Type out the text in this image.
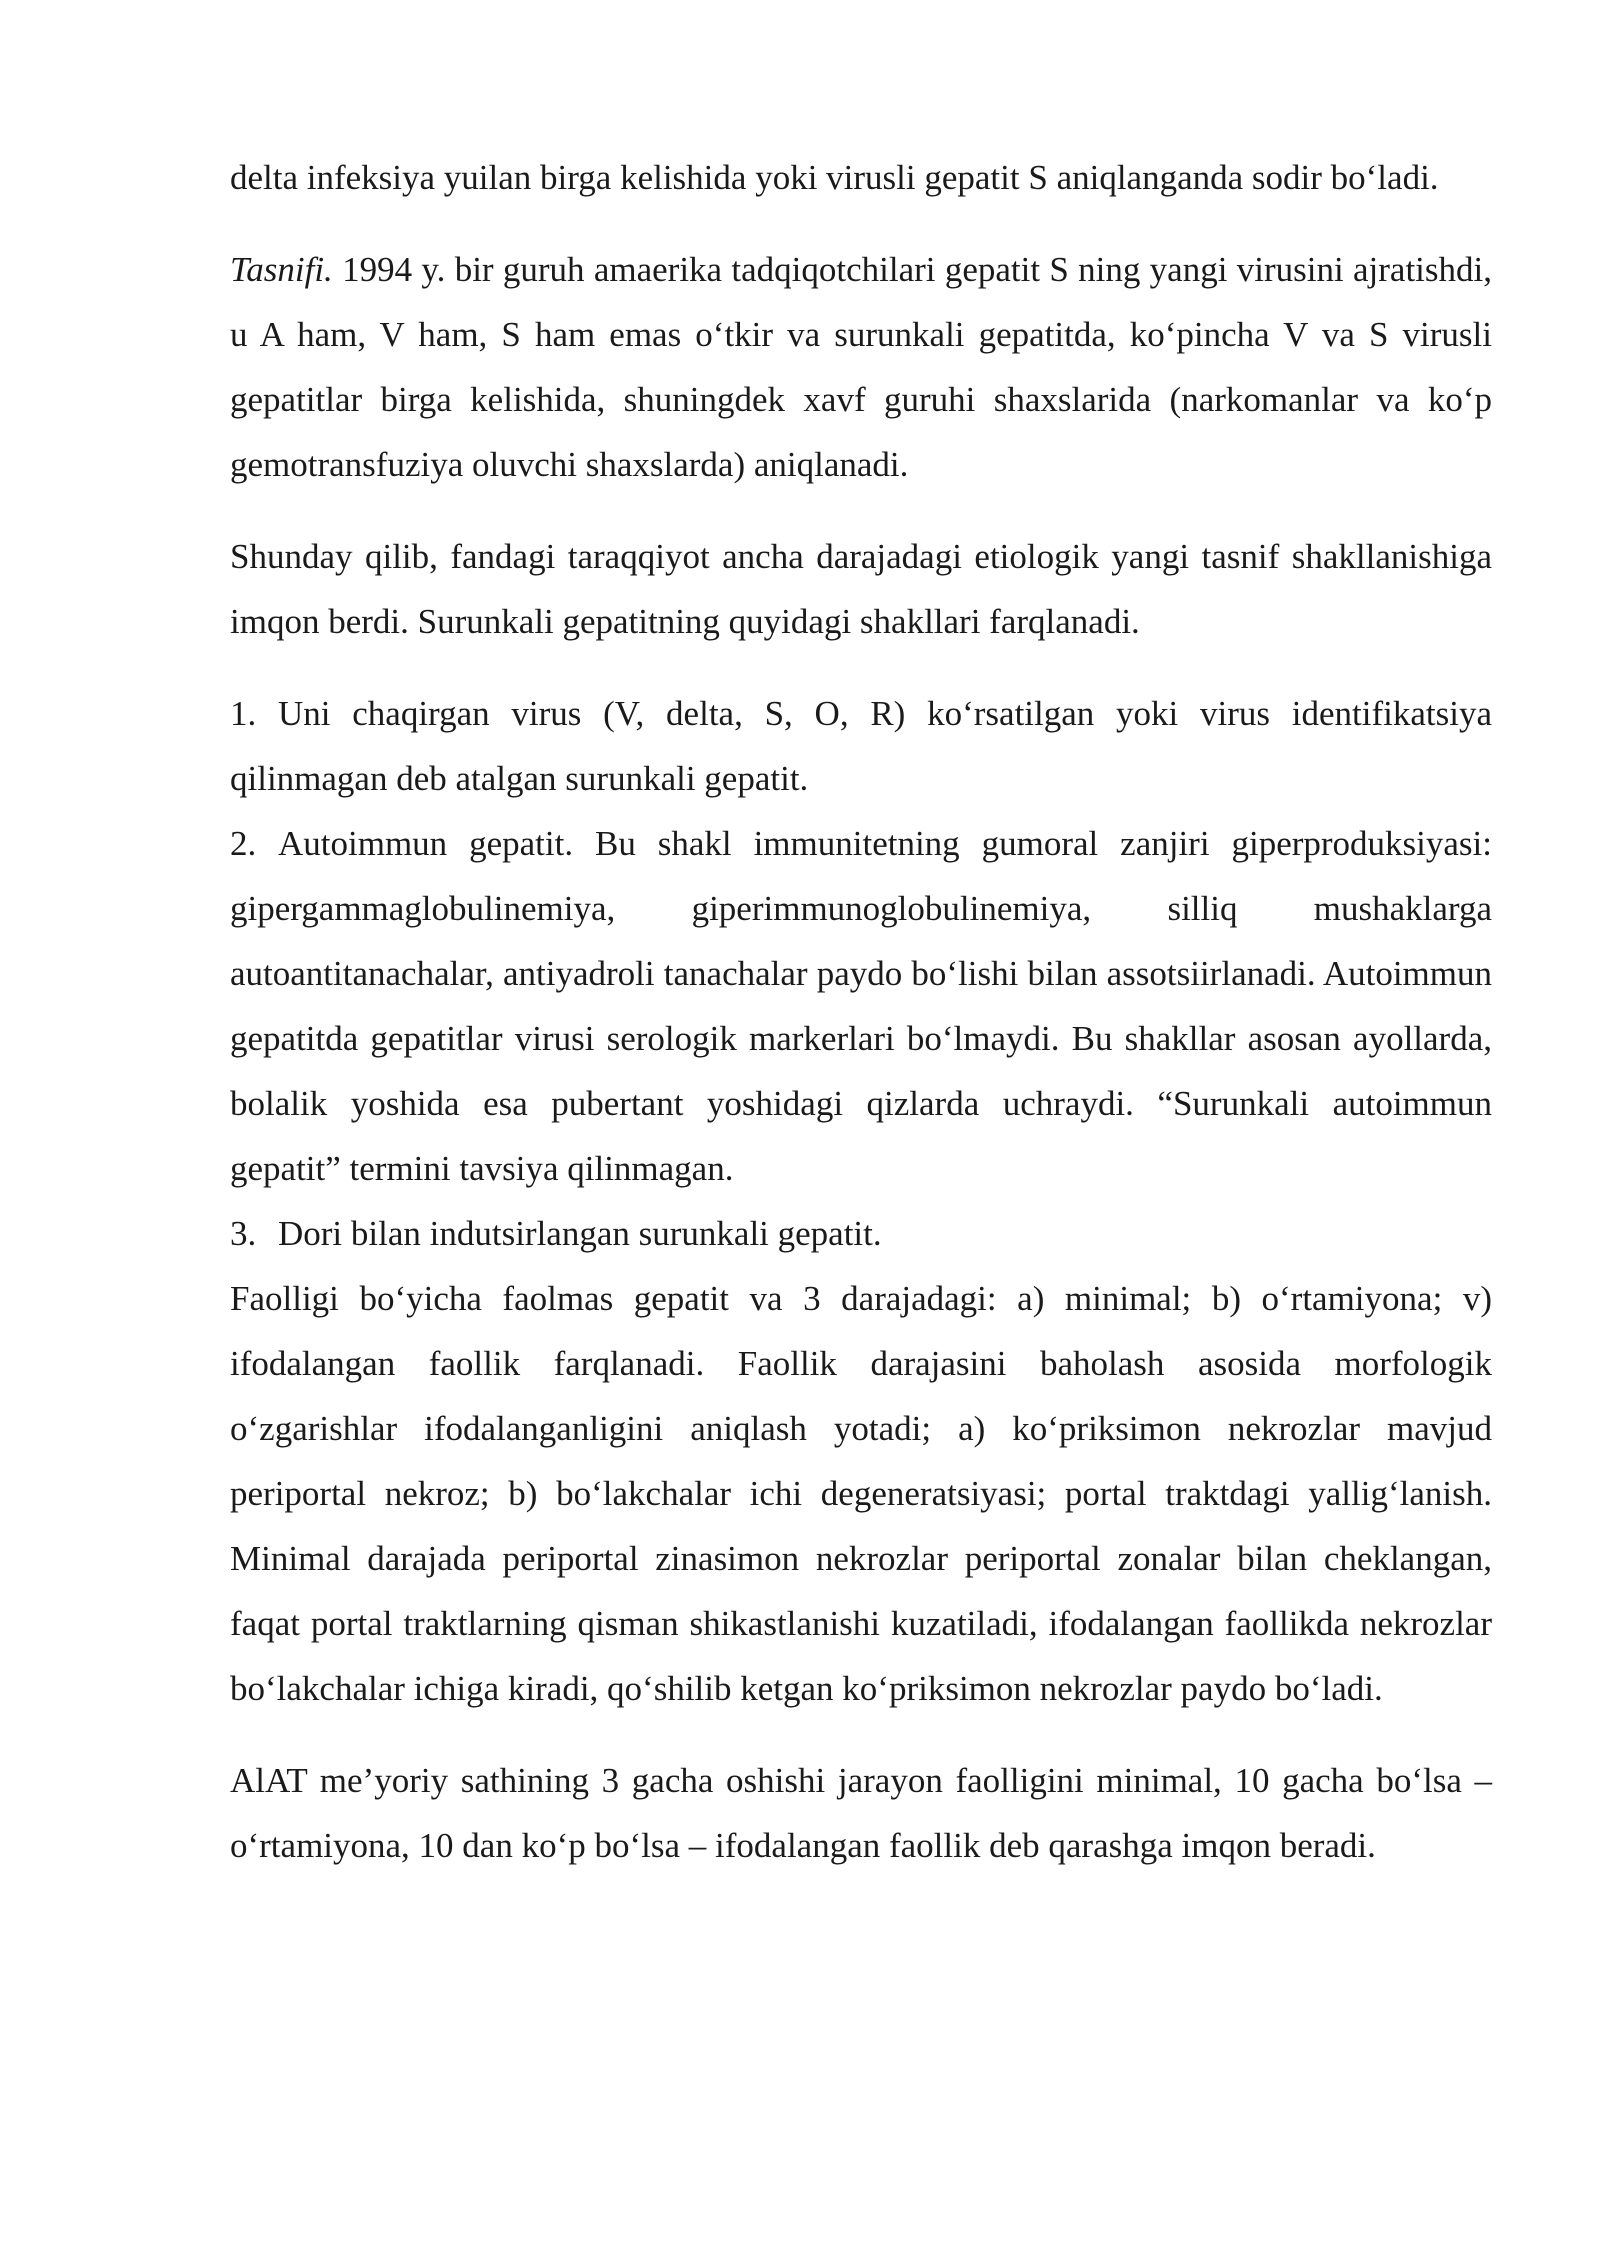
delta infeksiya yuilan birga kelishida yoki virusli gepatit S aniqlanganda sodir bo‘ladi.

Tasnifi. 1994 y. bir guruh amaerika tadqiqotchilari gepatit S ning yangi virusini ajratishdi, u A ham, V ham, S ham emas o‘tkir va surunkali gepatitda, ko‘pincha V va S virusli gepatitlar birga kelishida, shuningdek xavf guruhi shaxslarida (narkomanlar va ko‘p gemotransfuziya oluvchi shaxslarda) aniqlanadi.

Shunday qilib, fandagi taraqqiyot ancha darajadagi etiologik yangi tasnif shakllanishiga imqon berdi. Surunkali gepatitning quyidagi shakllari farqlanadi.

1. Uni chaqirgan virus (V, delta, S, O, R) ko‘rsatilgan yoki virus identifikatsiya qilinmagan deb atalgan surunkali gepatit.

2. Autoimmun gepatit. Bu shakl immunitetning gumoral zanjiri giperproduksiyasi: gipergammaglobulinemiya, giperimmunoglobulinemiya, silliq mushaklarga autoantitanachalar, antiyadroli tanachalar paydo bo‘lishi bilan assotsiirlanadi. Autoimmun gepatitda gepatitlar virusi serologik markerlari bo‘lmaydi. Bu shakllar asosan ayollarda, bolalik yoshida esa pubertant yoshidagi qizlarda uchraydi. “Surunkali autoimmun gepatit” termini tavsiya qilinmagan.

3. Dori bilan indutsirlangan surunkali gepatit.

Faolligi bo‘yicha faolmas gepatit va 3 darajadagi: a) minimal; b) o‘rtamiyona; v) ifodalangan faollik farqlanadi. Faollik darajasini baholash asosida morfologik o‘zgarishlar ifodalanganligini aniqlash yotadi; a) ko‘priksimon nekrozlar mavjud periportal nekroz; b) bo‘lakchalar ichi degeneratsiyasi; portal traktdagi yallig‘lanish. Minimal darajada periportal zinasimon nekrozlar periportal zonalar bilan cheklangan, faqat portal traktlarning qisman shikastlanishi kuzatiladi, ifodalangan faollikda nekrozlar bo‘lakchalar ichiga kiradi, qo‘shilib ketgan ko‘priksimon nekrozlar paydo bo‘ladi.

AlAT me’yoriy sathining 3 gacha oshishi jarayon faolligini minimal, 10 gacha bo‘lsa – o‘rtamiyona, 10 dan ko‘p bo‘lsa – ifodalangan faollik deb qarashga imqon beradi.
